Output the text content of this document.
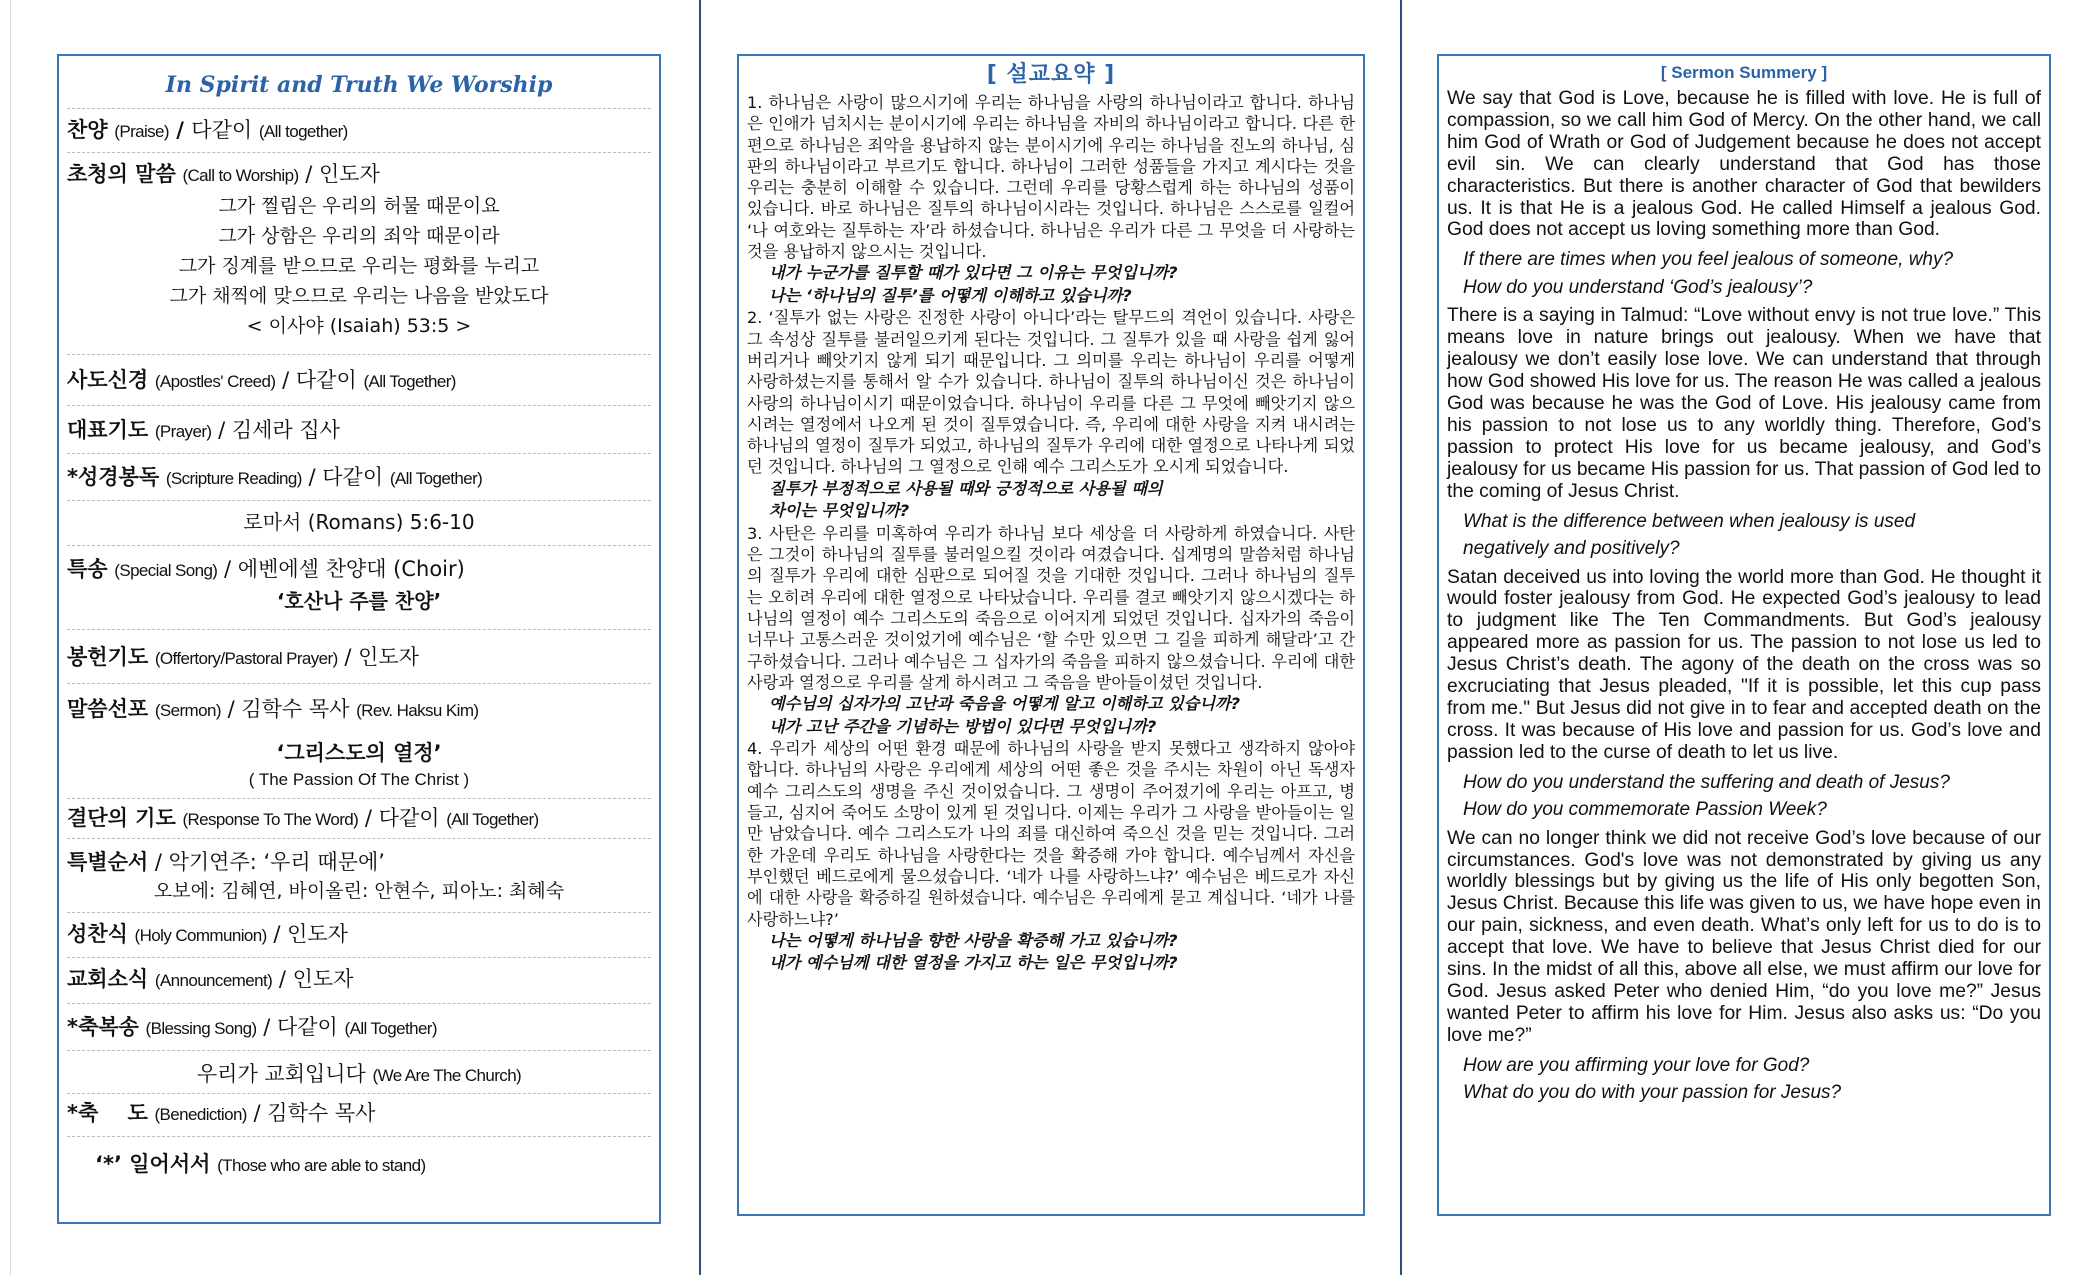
In Spirit and Truth We Worship
찬양 (Praise) / 다같이 (All together)
초청의 말씀 (Call to Worship) / 인도자
그가 찔림은 우리의 허물 때문이요
그가 상함은 우리의 죄악 때문이라
그가 징계를 받으므로 우리는 평화를 누리고
그가 채찍에 맞으므로 우리는 나음을 받았도다
< 이사야 (Isaiah) 53:5 >
사도신경 (Apostles' Creed) / 다같이 (All Together)
대표기도 (Prayer) / 김세라 집사
*성경봉독 (Scripture Reading) / 다같이 (All Together)
로마서 (Romans) 5:6-10
특송 (Special Song) / 에벤에셀 찬양대 (Choir)
‘호산나 주를 찬양’
봉헌기도 (Offertory/Pastoral Prayer) / 인도자
말씀선포 (Sermon) / 김학수 목사 (Rev. Haksu Kim)
‘그리스도의 열정’
( The Passion Of The Christ )
결단의 기도 (Response To The Word) / 다같이 (All Together)
특별순서 / 악기연주: ‘우리 때문에’
오보에: 김혜연, 바이올린: 안현수, 피아노: 최혜숙
성찬식 (Holy Communion) / 인도자
교회소식 (Announcement) / 인도자
*축복송 (Blessing Song) / 다같이 (All Together)
우리가 교회입니다 (We Are The Church)
*축    도 (Benediction) / 김학수 목사
‘*’ 일어서서 (Those who are able to stand)
[ 설교요약 ]

1. 하나님은 사랑이 많으시기에 우리는 하나님을 사랑의 하나님이라고 합니다. 하나님은 인애가 넘치시는 분이시기에 우리는 하나님을 자비의 하나님이라고 합니다. 다른 한편으로 하나님은 죄악을 용납하지 않는 분이시기에 우리는 하나님을 진노의 하나님, 심판의 하나님이라고 부르기도 합니다. 하나님이 그러한 성품들을 가지고 계시다는 것을 우리는 충분히 이해할 수 있습니다. 그런데 우리를 당황스럽게 하는 하나님의 성품이 있습니다. 바로 하나님은 질투의 하나님이시라는 것입니다. 하나님은 스스로를 일컬어 ‘나 여호와는 질투하는 자’라 하셨습니다. 하나님은 우리가 다른 그 무엇을 더 사랑하는 것을 용납하지 않으시는 것입니다.

내가 누군가를 질투할 때가 있다면 그 이유는 무엇입니까?
나는 ‘하나님의 질투’를 어떻게 이해하고 있습니까?

2. ‘질투가 없는 사랑은 진정한 사랑이 아니다’라는 탈무드의 격언이 있습니다. 사랑은 그 속성상 질투를 불러일으키게 된다는 것입니다. 그 질투가 있을 때 사랑을 쉽게 잃어버리거나 빼앗기지 않게 되기 때문입니다. 그 의미를 우리는 하나님이 우리를 어떻게 사랑하셨는지를 통해서 알 수가 있습니다. 하나님이 질투의 하나님이신 것은 하나님이 사랑의 하나님이시기 때문이었습니다. 하나님이 우리를 다른 그 무엇에 빼앗기지 않으시려는 열정에서 나오게 된 것이 질투였습니다. 즉, 우리에 대한 사랑을 지켜 내시려는 하나님의 열정이 질투가 되었고, 하나님의 질투가 우리에 대한 열정으로 나타나게 되었던 것입니다. 하나님의 그 열정으로 인해 예수 그리스도가 오시게 되었습니다.

질투가 부정적으로 사용될 때와 긍정적으로 사용될 때의
차이는 무엇입니까?

3. 사탄은 우리를 미혹하여 우리가 하나님 보다 세상을 더 사랑하게 하였습니다. 사탄은 그것이 하나님의 질투를 불러일으킬 것이라 여겼습니다. 십계명의 말씀처럼 하나님의 질투가 우리에 대한 심판으로 되어질 것을 기대한 것입니다. 그러나 하나님의 질투는 오히려 우리에 대한 열정으로 나타났습니다. 우리를 결코 빼앗기지 않으시겠다는 하나님의 열정이 예수 그리스도의 죽음으로 이어지게 되었던 것입니다. 십자가의 죽음이 너무나 고통스러운 것이었기에 예수님은 ‘할 수만 있으면 그 길을 피하게 해달라’고 간구하셨습니다. 그러나 예수님은 그 십자가의 죽음을 피하지 않으셨습니다. 우리에 대한 사랑과 열정으로 우리를 살게 하시려고 그 죽음을 받아들이셨던 것입니다.

예수님의 십자가의 고난과 죽음을 어떻게 알고 이해하고 있습니까?
내가 고난 주간을 기념하는 방법이 있다면 무엇입니까?

4. 우리가 세상의 어떤 환경 때문에 하나님의 사랑을 받지 못했다고 생각하지 않아야 합니다. 하나님의 사랑은 우리에게 세상의 어떤 좋은 것을 주시는 차원이 아닌 독생자 예수 그리스도의 생명을 주신 것이었습니다. 그 생명이 주어졌기에 우리는 아프고, 병들고, 심지어 죽어도 소망이 있게 된 것입니다. 이제는 우리가 그 사랑을 받아들이는 일만 남았습니다. 예수 그리스도가 나의 죄를 대신하여 죽으신 것을 믿는 것입니다. 그러한 가운데 우리도 하나님을 사랑한다는 것을 확증해 가야 합니다. 예수님께서 자신을 부인했던 베드로에게 물으셨습니다. ‘네가 나를 사랑하느냐?’ 예수님은 베드로가 자신에 대한 사랑을 확증하길 원하셨습니다. 예수님은 우리에게 묻고 계십니다. ‘네가 나를 사랑하느냐?’

나는 어떻게 하나님을 향한 사랑을 확증해 가고 있습니까?
내가 예수님께 대한 열정을 가지고 하는 일은 무엇입니까?
[ Sermon Summery ]

We say that God is Love, because he is filled with love. He is full of compassion, so we call him God of Mercy. On the other hand, we call him God of Wrath or God of Judgement because he does not accept evil sin. We can clearly understand that God has those characteristics. But there is another character of God that bewilders us. It is that He is a jealous God. He called Himself a jealous God. God does not accept us loving something more than God.

If there are times when you feel jealous of someone, why?
How do you understand ‘God’s jealousy’?

There is a saying in Talmud: “Love without envy is not true love.” This means love in nature brings out jealousy. When we have that jealousy we don’t easily lose love. We can understand that through how God showed His love for us. The reason He was called a jealous God was because he was the God of Love. His jealousy came from his passion to not lose us to any worldly thing. Therefore, God’s passion to protect His love for us became jealousy, and God’s jealousy for us became His passion for us. That passion of God led to the coming of Jesus Christ.

What is the difference between when jealousy is used
negatively and positively?

Satan deceived us into loving the world more than God. He thought it would foster jealousy from God. He expected God’s jealousy to lead to judgment like The Ten Commandments. But God’s jealousy appeared more as passion for us. The passion to not lose us led to Jesus Christ’s death. The agony of the death on the cross was so excruciating that Jesus pleaded, "If it is possible, let this cup pass from me." But Jesus did not give in to fear and accepted death on the cross. It was because of His love and passion for us. God’s love and passion led to the curse of death to let us live.

How do you understand the suffering and death of Jesus?
How do you commemorate Passion Week?

We can no longer think we did not receive God’s love because of our circumstances. God's love was not demonstrated by giving us any worldly blessings but by giving us the life of His only begotten Son, Jesus Christ. Because this life was given to us, we have hope even in our pain, sickness, and even death. What’s only left for us to do is to accept that love. We have to believe that Jesus Christ died for our sins. In the midst of all this, above all else, we must affirm our love for God. Jesus asked Peter who denied Him, “do you love me?” Jesus wanted Peter to affirm his love for Him. Jesus also asks us: “Do you love me?”

How are you affirming your love for God?
What do you do with your passion for Jesus?
